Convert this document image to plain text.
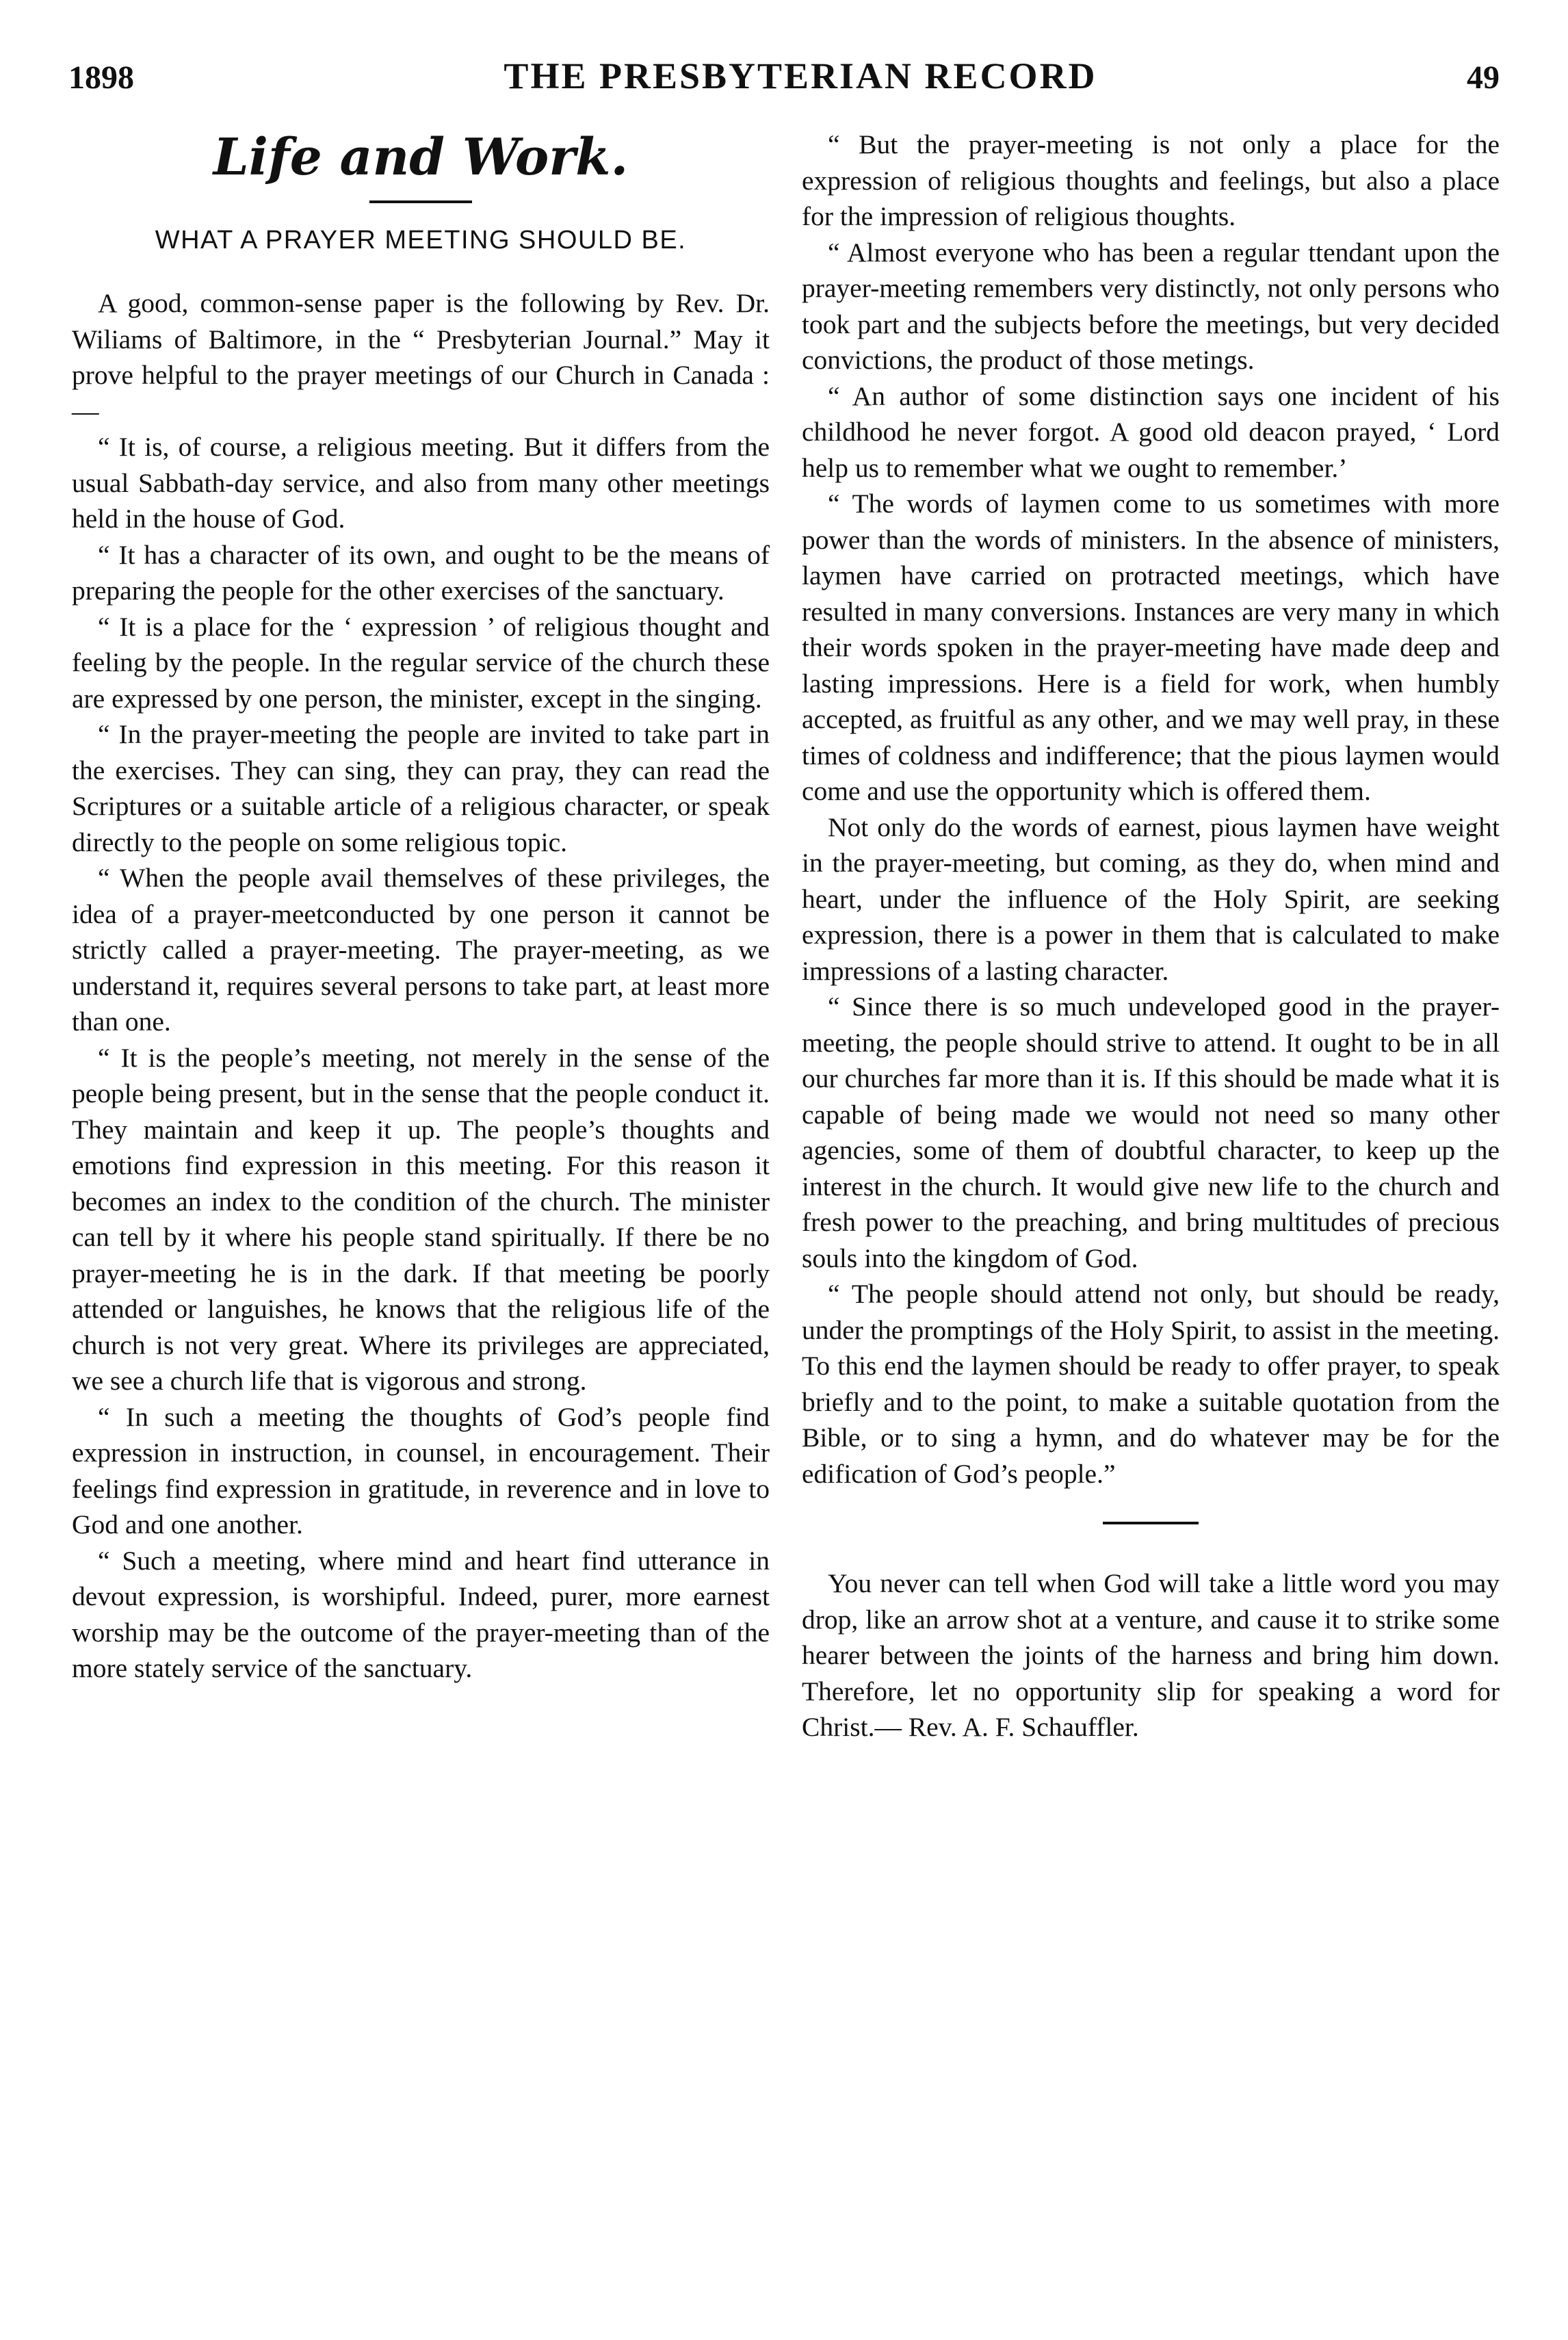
1898	THE PRESBYTERIAN RECORD	49
Life and Work.
WHAT A PRAYER MEETING SHOULD BE.

A good, common-sense paper is the following by Rev. Dr. Wiliams of Baltimore, in the “ Presbyterian Journal.” May it prove helpful to the prayer meetings of our Church in Canada :—

“ It is, of course, a religious meeting. But it differs from the usual Sabbath-day service, and also from many other meetings held in the house of God.

“ It has a character of its own, and ought to be the means of preparing the people for the other exercises of the sanctuary.

“ It is a place for the ‘ expression ’ of religious thought and feeling by the people. In the regular service of the church these are expressed by one person, the minister, except in the singing.

“ In the prayer-meeting the people are invited to take part in the exercises. They can sing, they can pray, they can read the Scriptures or a suitable article of a religious character, or speak directly to the people on some religious topic.

“ When the people avail themselves of these privileges, the idea of a prayer-meetconducted by one person it cannot be strictly called a prayer-meeting. The prayer-meeting, as we understand it, requires several persons to take part, at least more than one.

“ It is the people’s meeting, not merely in the sense of the people being present, but in the sense that the people conduct it. They maintain and keep it up. The people’s thoughts and emotions find expression in this meeting. For this reason it becomes an index to the condition of the church. The minister can tell by it where his people stand spiritually. If there be no prayer-meeting he is in the dark. If that meeting be poorly attended or languishes, he knows that the religious life of the church is not very great. Where its privileges are appreciated, we see a church life that is vigorous and strong.

“ In such a meeting the thoughts of God’s people find expression in instruction, in counsel, in encouragement. Their feelings find expression in gratitude, in reverence and in love to God and one another.

“ Such a meeting, where mind and heart find utterance in devout expression, is worshipful. Indeed, purer, more earnest worship may be the outcome of the prayer-meeting than of the more stately service of the sanctuary.

“ But the prayer-meeting is not only a place for the expression of religious thoughts and feelings, but also a place for the impression of religious thoughts.

“ Almost everyone who has been a regular ttendant upon the prayer-meeting remembers very distinctly, not only persons who took part and the subjects before the meetings, but very decided convictions, the product of those metings.

“ An author of some distinction says one incident of his childhood he never forgot. A good old deacon prayed, ‘ Lord help us to remember what we ought to remember.’

“ The words of laymen come to us sometimes with more power than the words of ministers. In the absence of ministers, laymen have carried on protracted meetings, which have resulted in many conversions. Instances are very many in which their words spoken in the prayer-meeting have made deep and lasting impressions. Here is a field for work, when humbly accepted, as fruitful as any other, and we may well pray, in these times of coldness and indifference; that the pious laymen would come and use the opportunity which is offered them.

Not only do the words of earnest, pious laymen have weight in the prayer-meeting, but coming, as they do, when mind and heart, under the influence of the Holy Spirit, are seeking expression, there is a power in them that is calculated to make impressions of a lasting character.

“ Since there is so much undeveloped good in the prayer-meeting, the people should strive to attend. It ought to be in all our churches far more than it is. If this should be made what it is capable of being made we would not need so many other agencies, some of them of doubtful character, to keep up the interest in the church. It would give new life to the church and fresh power to the preaching, and bring multitudes of precious souls into the kingdom of God.

“ The people should attend not only, but should be ready, under the promptings of the Holy Spirit, to assist in the meeting. To this end the laymen should be ready to offer prayer, to speak briefly and to the point, to make a suitable quotation from the Bible, or to sing a hymn, and do whatever may be for the edification of God’s people.”

You never can tell when God will take a little word you may drop, like an arrow shot at a venture, and cause it to strike some hearer between the joints of the harness and bring him down. Therefore, let no opportunity slip for speaking a word for Christ.— Rev. A. F. Schauffler.
